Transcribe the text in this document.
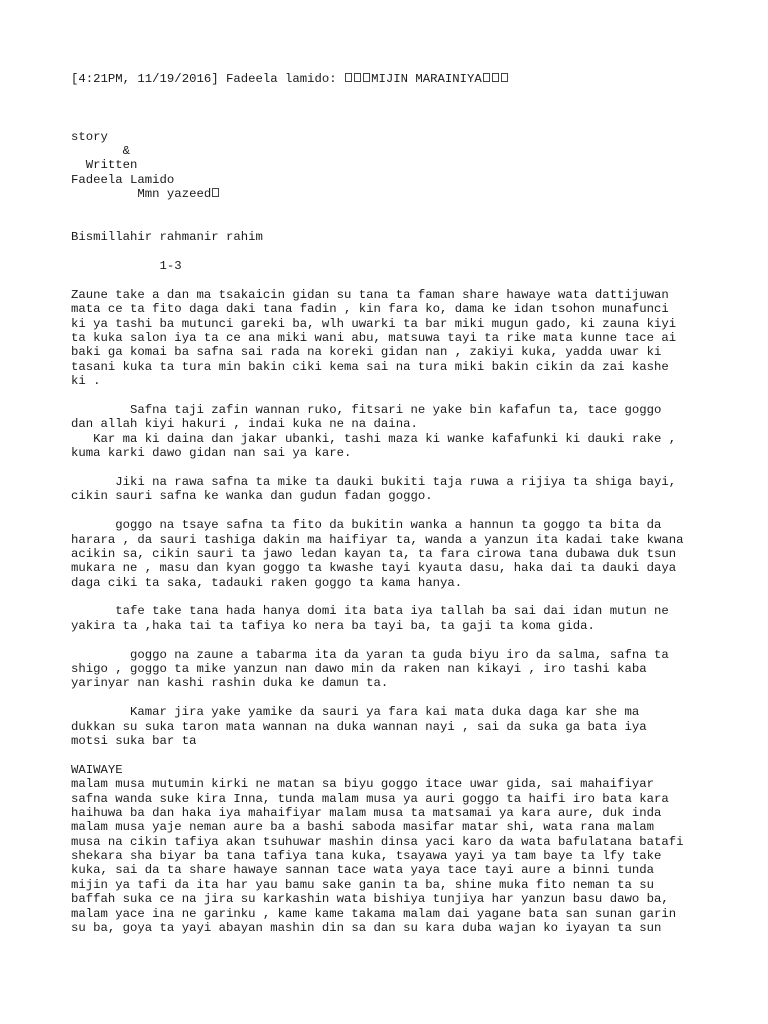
[4:21PM, 11/19/2016] Fadeela lamido:	MIJIN MARAINIYA
story
&
Written
Fadeela Lamido
Mmn yazeed
Bismillahir rahmanir rahim
1-3
Zaune take a dan ma tsakaicin gidan su tana ta faman share hawaye wata dattijuwan
mata ce ta fito daga daki tana fadin , kin fara ko, dama ke idan tsohon munafunci
ki ya tashi ba mutunci gareki ba, wlh uwarki ta bar miki mugun gado, ki zauna kiyi
ta kuka salon iya ta ce ana miki wani abu, matsuwa tayi ta rike mata kunne tace ai
baki ga komai ba safna sai rada na koreki gidan nan , zakiyi kuka, yadda uwar ki
tasani kuka ta tura min bakin ciki kema sai na tura miki bakin cikin da zai kashe
ki .
Safna taji zafin wannan ruko, fitsari ne yake bin kafafun ta, tace goggo
dan allah kiyi hakuri , indai kuka ne na daina.
Kar ma ki daina dan jakar ubanki, tashi maza ki wanke kafafunki ki dauki rake ,
kuma karki dawo gidan nan sai ya kare.
Jiki na rawa safna ta mike ta dauki bukiti taja ruwa a rijiya ta shiga bayi,
cikin sauri safna ke wanka dan gudun fadan goggo.
goggo na tsaye safna ta fito da bukitin wanka a hannun ta goggo ta bita da
harara , da sauri tashiga dakin ma haifiyar ta, wanda a yanzun ita kadai take kwana
acikin sa, cikin sauri ta jawo ledan kayan ta, ta fara cirowa tana dubawa duk tsun
mukara ne , masu dan kyan goggo ta kwashe tayi kyauta dasu, haka dai ta dauki daya
daga ciki ta saka, tadauki raken goggo ta kama hanya.
tafe take tana hada hanya domi ita bata iya tallah ba sai dai idan mutun ne
yakira ta ,haka tai ta tafiya ko nera ba tayi ba, ta gaji ta koma gida.
goggo na zaune a tabarma ita da yaran ta guda biyu iro da salma, safna ta
shigo , goggo ta mike yanzun nan dawo min da raken nan kikayi , iro tashi kaba
yarinyar nan kashi rashin duka ke damun ta.
Kamar jira yake yamike da sauri ya fara kai mata duka daga kar she ma
dukkan su suka taron mata wannan na duka wannan nayi , sai da suka ga bata iya
motsi suka bar ta
WAIWAYE
malam musa mutumin kirki ne matan sa biyu goggo itace uwar gida, sai mahaifiyar
safna wanda suke kira Inna, tunda malam musa ya auri goggo ta haifi iro bata kara
haihuwa ba dan haka iya mahaifiyar malam musa ta matsamai ya kara aure, duk inda
malam musa yaje neman aure ba a bashi saboda masifar matar shi, wata rana malam
musa na cikin tafiya akan tsuhuwar mashin dinsa yaci karo da wata bafulatana batafi
shekara sha biyar ba tana tafiya tana kuka, tsayawa yayi ya tam baye ta lfy take
kuka, sai da ta share hawaye sannan tace wata yaya tace tayi aure a binni tunda
mijin ya tafi da ita har yau bamu sake ganin ta ba, shine muka fito neman ta su
baffah suka ce na jira su karkashin wata bishiya tunjiya har yanzun basu dawo ba,
malam yace ina ne garinku , kame kame takama malam dai yagane bata san sunan garin
su ba, goya ta yayi abayan mashin din sa dan su kara duba wajan ko iyayan ta sun
